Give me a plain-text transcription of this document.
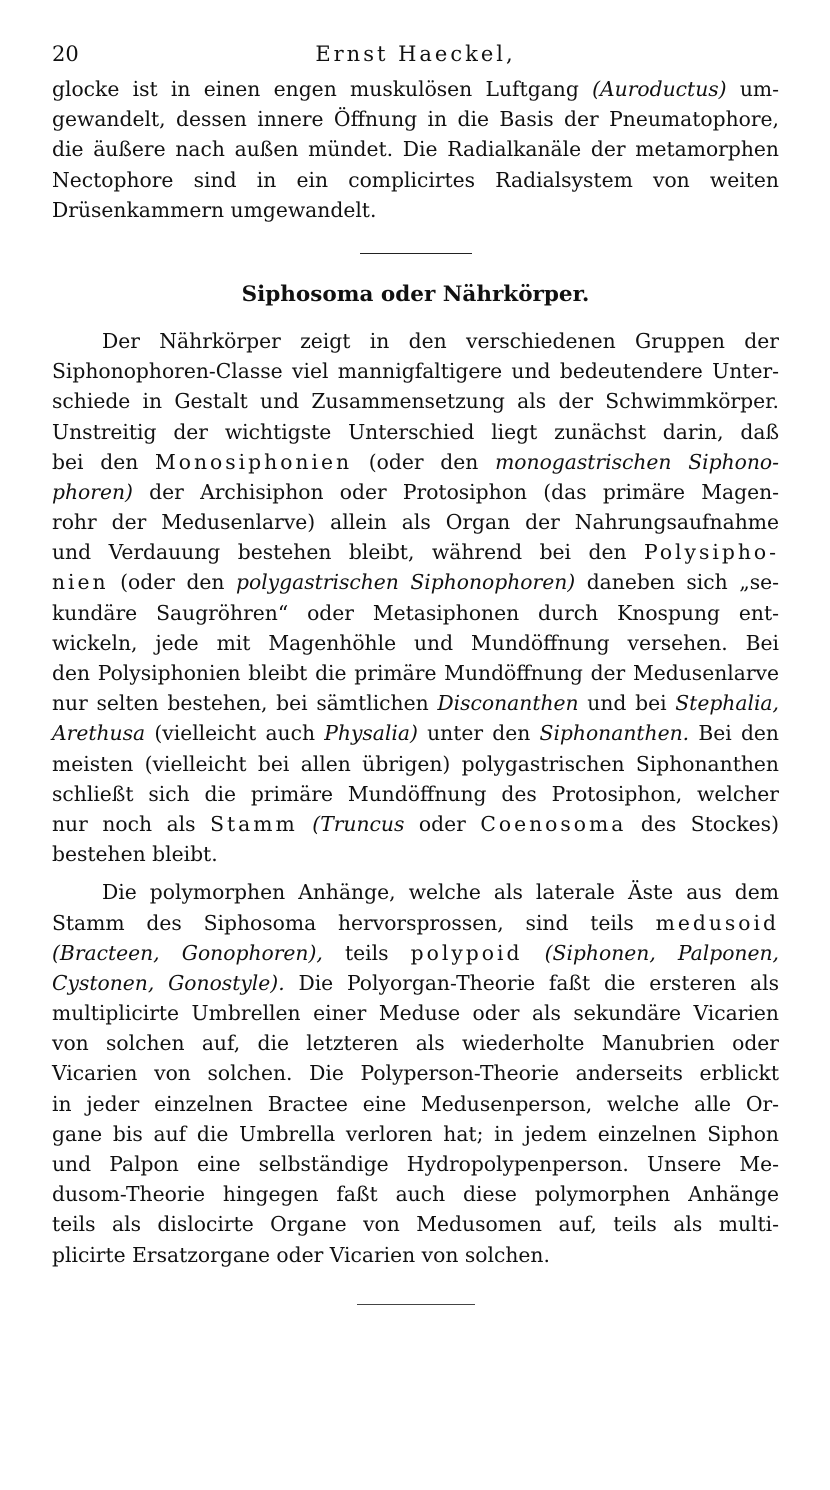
20	Ernst Haeckel,
glocke ist in einen engen muskulösen Luftgang (Auroductus) um-
gewandelt, dessen innere Öffnung in die Basis der Pneumatophore,
die äußere nach außen mündet. Die Radialkanäle der metamorphen
Nectophore sind in ein complicirtes Radialsystem von weiten
Drüsenkammern umgewandelt.
Siphosoma oder Nährkörper.
Der Nährkörper zeigt in den verschiedenen Gruppen der
Siphonophoren-Classe viel mannigfaltigere und bedeutendere Unter-
schiede in Gestalt und Zusammensetzung als der Schwimmkörper.
Unstreitig der wichtigste Unterschied liegt zunächst darin, daß
bei den Monosiphonien (oder den monogastrischen Siphono-
phoren) der Archisiphon oder Protosiphon (das primäre Magen-
rohr der Medusenlarve) allein als Organ der Nahrungsaufnahme
und Verdauung bestehen bleibt, während bei den Polysipho-
nien (oder den polygastrischen Siphonophoren) daneben sich „se-
kundäre Saugröhren“ oder Metasiphonen durch Knospung ent-
wickeln, jede mit Magenhöhle und Mundöffnung versehen. Bei
den Polysiphonien bleibt die primäre Mundöffnung der Medusenlarve
nur selten bestehen, bei sämtlichen Disconanthen und bei Stephalia,
Arethusa (vielleicht auch Physalia) unter den Siphonanthen. Bei den
meisten (vielleicht bei allen übrigen) polygastrischen Siphonanthen
schließt sich die primäre Mundöffnung des Protosiphon, welcher
nur noch als Stamm (Truncus oder Coenosoma des Stockes)
bestehen bleibt.
Die polymorphen Anhänge, welche als laterale Äste aus dem
Stamm des Siphosoma hervorsprossen, sind teils medusoid
(Bracteen, Gonophoren), teils polypoid (Siphonen, Palponen,
Cystonen, Gonostyle). Die Polyorgan-Theorie faßt die ersteren als
multiplicirte Umbrellen einer Meduse oder als sekundäre Vicarien
von solchen auf, die letzteren als wiederholte Manubrien oder
Vicarien von solchen. Die Polyperson-Theorie anderseits erblickt
in jeder einzelnen Bractee eine Medusenperson, welche alle Or-
gane bis auf die Umbrella verloren hat; in jedem einzelnen Siphon
und Palpon eine selbständige Hydropolypenperson. Unsere Me-
dusom-Theorie hingegen faßt auch diese polymorphen Anhänge
teils als dislocirte Organe von Medusomen auf, teils als multi-
plicirte Ersatzorgane oder Vicarien von solchen.
